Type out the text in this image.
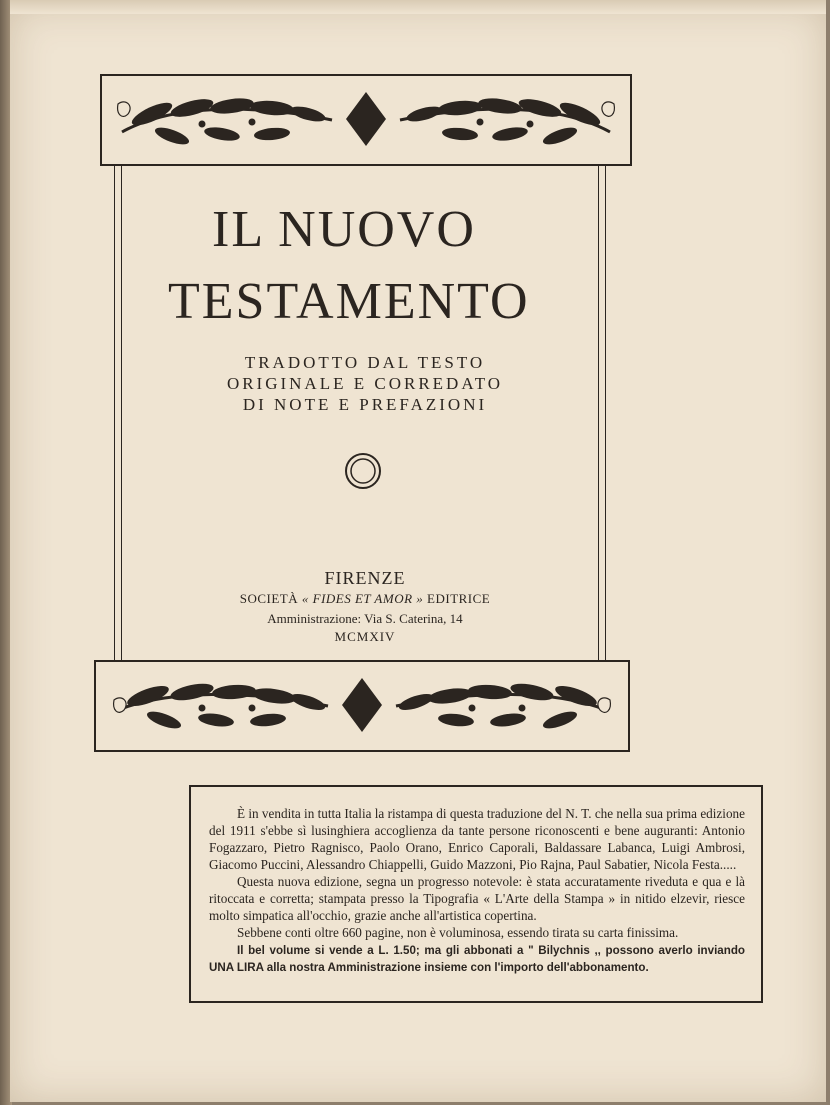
IL NUOVO
TESTAMENTO
TRADOTTO DAL TESTO
ORIGINALE E CORREDATO
DI NOTE E PREFAZIONI
FIRENZE
SOCIETÀ « FIDES ET AMOR » EDITRICE
Amministrazione: Via S. Caterina, 14
MCMXIV

È in vendita in tutta Italia la ristampa di questa traduzione del N. T. che nella sua prima edizione del 1911 s'ebbe sì lusinghiera accoglienza da tante persone riconoscenti e bene auguranti: Antonio Fogazzaro, Pietro Ragnisco, Paolo Orano, Enrico Caporali, Baldassare Labanca, Luigi Ambrosi, Giacomo Puccini, Alessandro Chiappelli, Guido Mazzoni, Pio Rajna, Paul Sabatier, Nicola Festa.....

Questa nuova edizione, segna un progresso notevole: è stata accuratamente riveduta e qua e là ritoccata e corretta; stampata presso la Tipografia « L'Arte della Stampa » in nitido elzevir, riesce molto simpatica all'occhio, grazie anche all'artistica copertina.

Sebbene conti oltre 660 pagine, non è voluminosa, essendo tirata su carta finissima.

Il bel volume si vende a L. 1.50; ma gli abbonati a " Bilychnis ,, possono averlo inviando UNA LIRA alla nostra Amministrazione insieme con l'importo dell'abbonamento.
